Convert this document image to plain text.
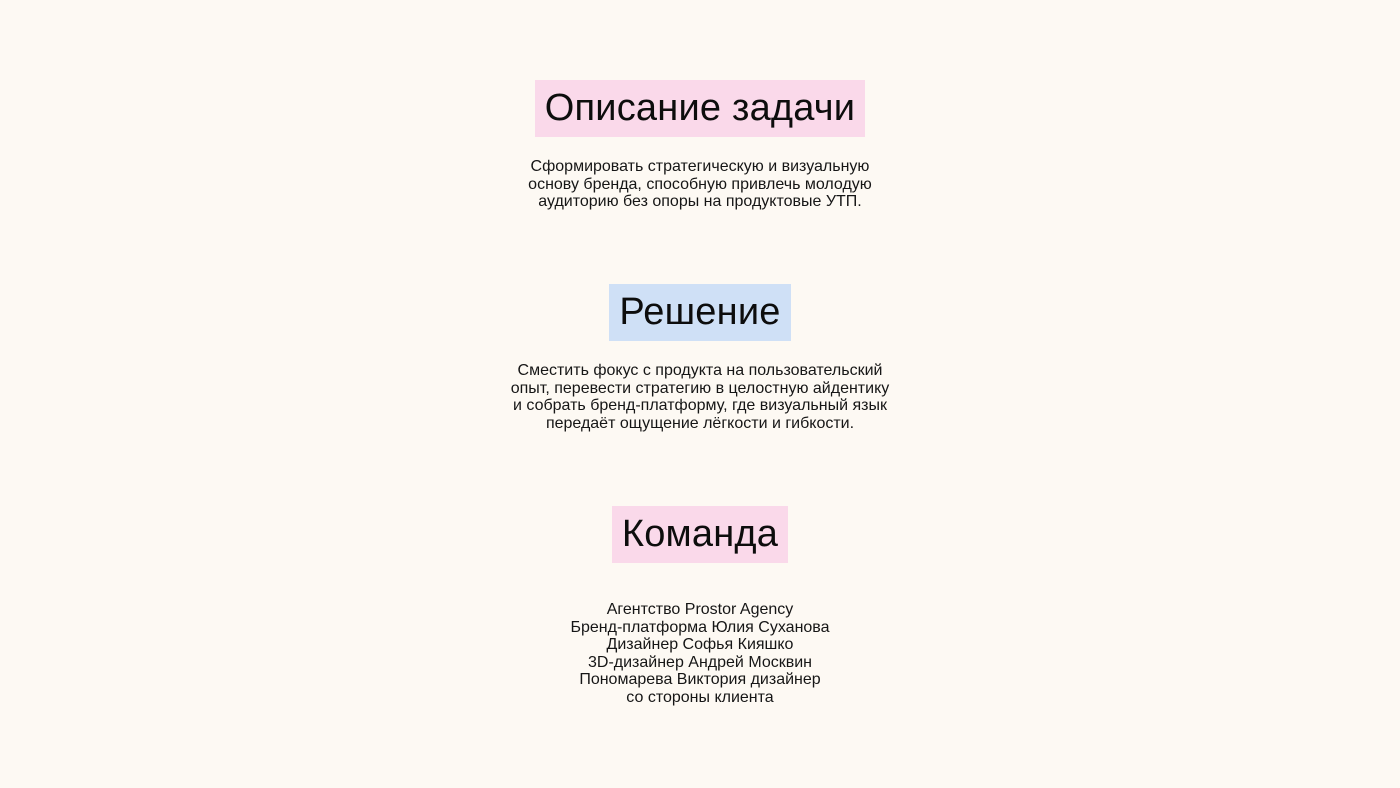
Описание задачи
Сформировать стратегическую и визуальную
основу бренда, способную привлечь молодую
аудиторию без опоры на продуктовые УТП.
Решение
Сместить фокус с продукта на пользовательский
опыт, перевести стратегию в целостную айдентику
и собрать бренд-платформу, где визуальный язык
передаёт ощущение лёгкости и гибкости.
Команда
Агентство Prostor Agency
Бренд-платформа Юлия Суханова
Дизайнер Софья Кияшко
3D-дизайнер Андрей Москвин
Пономарева Виктория дизайнер
со стороны клиента
